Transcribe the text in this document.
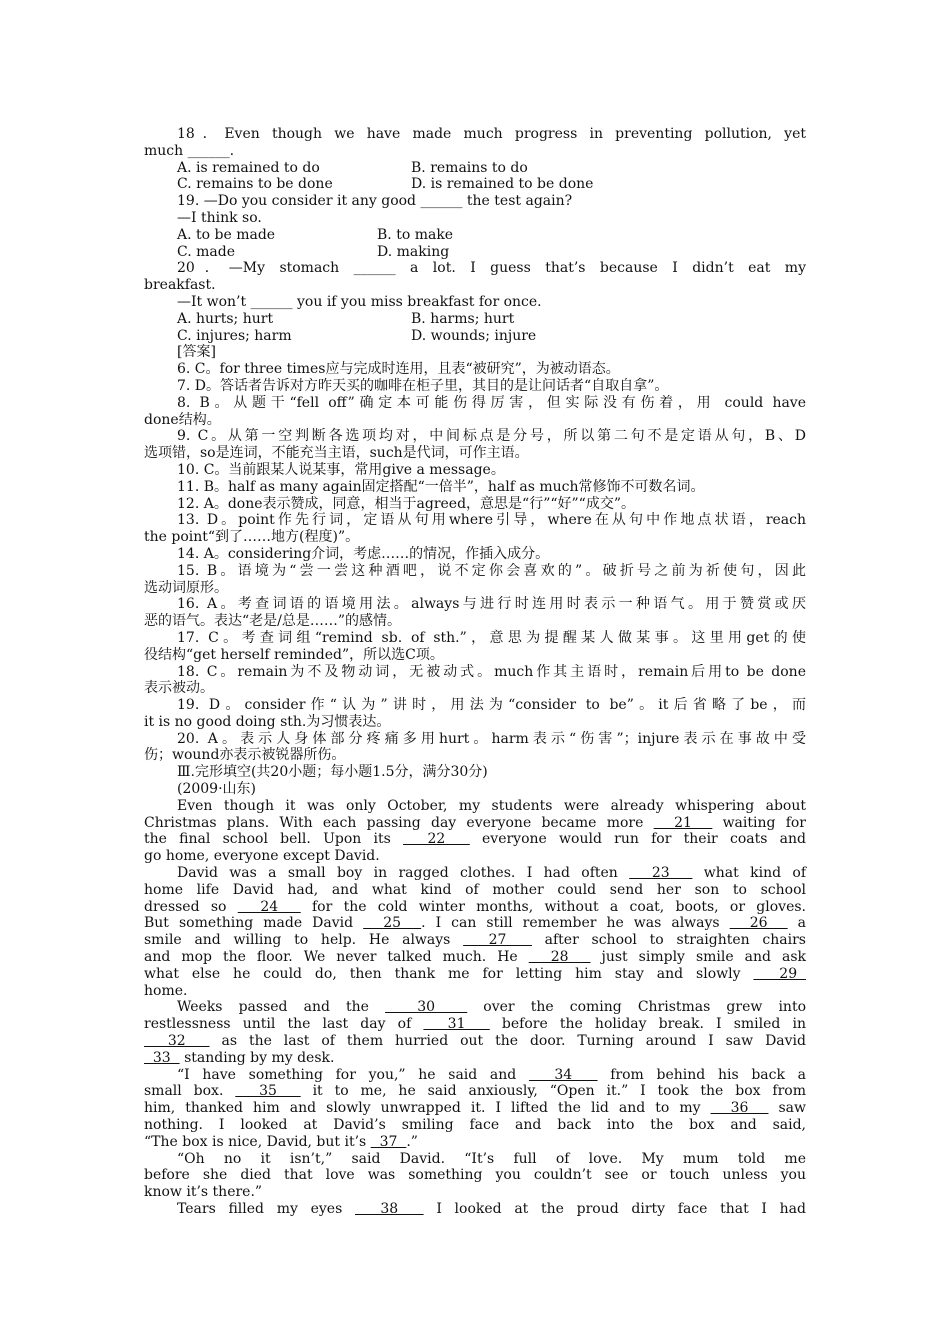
18．Even though we have made much progress in preventing pollution, yet
much ______.
A. is remained to do	B. remains to do
C. remains to be done	D. is remained to be done
19. —Do you consider it any good ______ the test again?
—I think so.
A. to be made	B. to make
C. made	D. making
20．—My stomach ______ a lot. I guess that’s because I didn’t eat my
breakfast.
—It won’t ______ you if you miss breakfast for once.
A. hurts; hurt	B. harms; hurt
C. injures; harm	D. wounds; injure
[答案]
6. C。for three times应与完成时连用，且表“被研究”，为被动语态。
7. D。答话者告诉对方昨天买的咖啡在柜子里，其目的是让问话者“自取自拿”。
8. B。从题干“fell off”确定本可能伤得厉害，但实际没有伤着，用 could have
done结构。
9. C。从第一空判断各选项均对，中间标点是分号，所以第二句不是定语从句，B、D
选项错，so是连词，不能充当主语，such是代词，可作主语。
10. C。当前跟某人说某事，常用give a message。
11. B。half as many again固定搭配“一倍半”，half as much常修饰不可数名词。
12. A。done表示赞成，同意，相当于agreed，意思是“行”“好”“成交”。
13. D。point作先行词，定语从句用where引导，where在从句中作地点状语，reach
the point“到了……地方(程度)”。
14. A。considering介词，考虑……的情况，作插入成分。
15. B。语境为“尝一尝这种酒吧，说不定你会喜欢的”。破折号之前为祈使句，因此
选动词原形。
16. A。考查词语的语境用法。always与进行时连用时表示一种语气。用于赞赏或厌
恶的语气。表达“老是/总是……”的感情。
17. C。考查词组“remind sb. of sth.”，意思为提醒某人做某事。这里用get的使
役结构“get herself reminded”，所以选C项。
18. C。remain为不及物动词，无被动式。much作其主语时，remain后用to be done
表示被动。
19. D。consider作“认为”讲时，用法为“consider to be”。it后省略了be，而
it is no good doing sth.为习惯表达。
20. A。表示人身体部分疼痛多用hurt。harm表示“伤害”；injure表示在事故中受
伤；wound亦表示被锐器所伤。
Ⅲ.完形填空(共20小题；每小题1.5分，满分30分)
(2009·山东)
Even though it was only October, my students were already whispering about
Christmas plans. With each passing day everyone became more   21   waiting for
the final school bell. Upon its   22   everyone would run for their coats and
go home, everyone except David.
David was a small boy in ragged clothes. I had often   23   what kind of
home life David had, and what kind of mother could send her son to school
dressed so   24   for the cold winter months, without a coat, boots, or gloves.
But something made David   25  . I can still remember he was always   26   a
smile and willing to help. He always   27   after school to straighten chairs
and mop the floor. We never talked much. He   28   just simply smile and ask
what else he could do, then thank me for letting him stay and slowly   29
home.
Weeks passed and the   30   over the coming Christmas grew into
restlessness until the last day of   31   before the holiday break. I smiled in
32   as the last of them hurried out the door. Turning around I saw David
33   standing by my desk.
“I have something for you,” he said and   34   from behind his back a
small box.   35   it to me, he said anxiously, “Open it.” I took the box from
him, thanked him and slowly unwrapped it. I lifted the lid and to my   36   saw
nothing. I looked at David’s smiling face and back into the box and said,
“The box is nice, David, but it’s   37  .”
“Oh no it isn’t,” said David. “It’s full of love. My mum told me
before she died that love was something you couldn’t see or touch unless you
know it’s there.”
Tears filled my eyes   38   I looked at the proud dirty face that I had
